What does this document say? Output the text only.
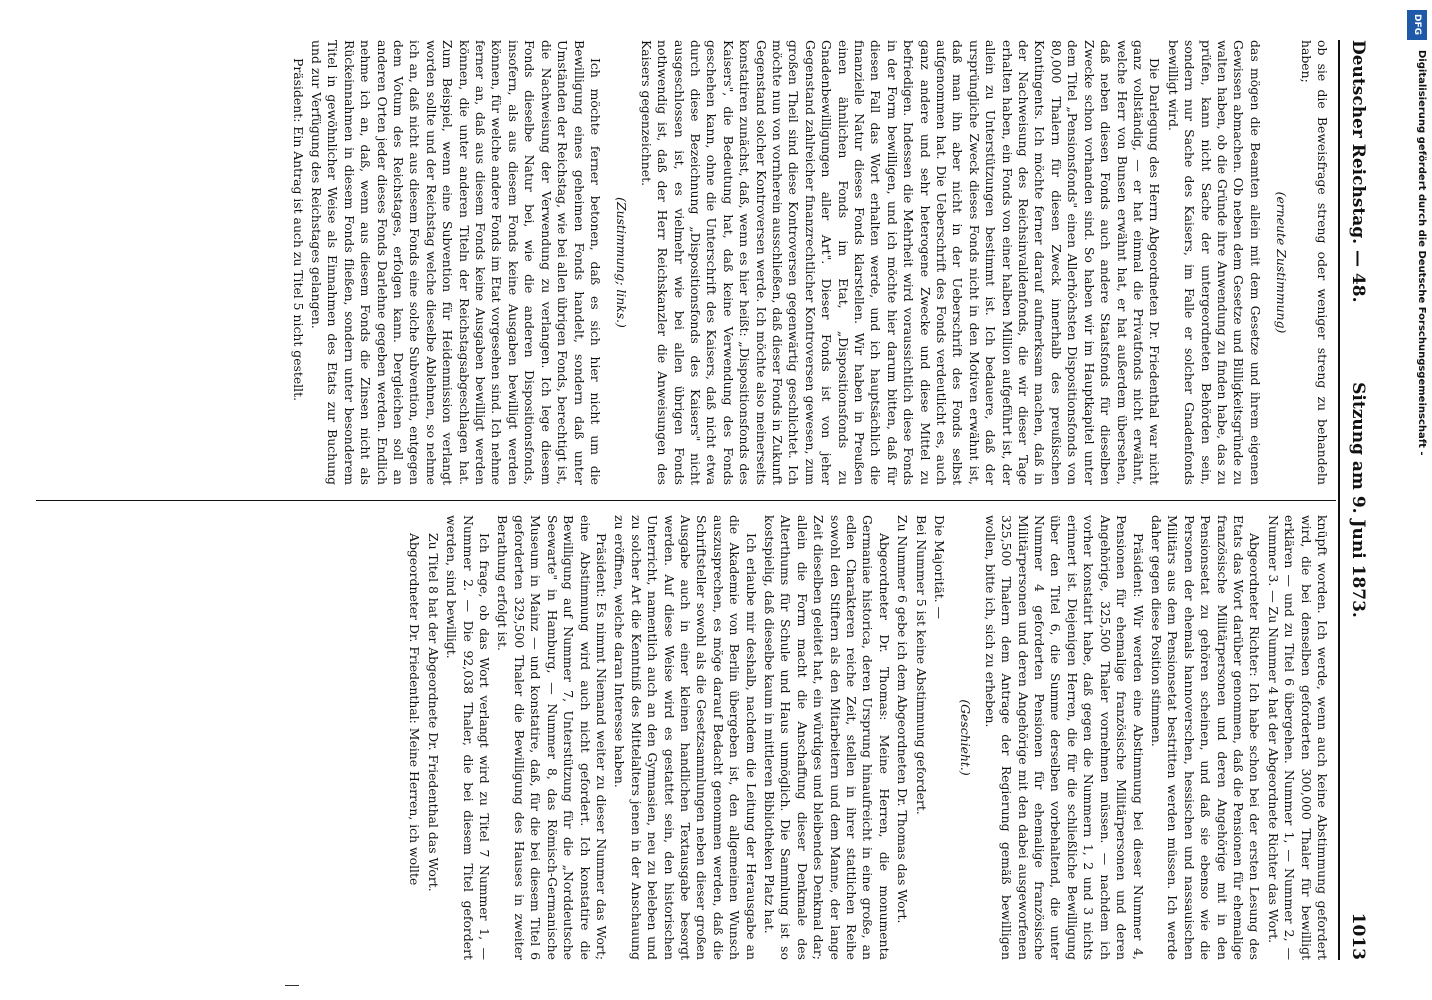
Deutscher Reichstag. — 48.
Sitzung am 9. Juni 1873.
1013

ob sie die Beweisfrage streng oder weniger streng zu behandeln haben;

(erneute Zustimmung)

das mögen die Beamten allein mit dem Gesetze und ihrem eigenen Gewissen abmachen. Ob neben dem Gesetze und Billigkeitsgründe zu walten haben, ob die Gründe ihre Anwendung zu finden habe, das zu prüfen, kann nicht Sache der untergeordneten Behörden sein, sondern nur Sache des Kaisers, im Falle er solcher Gnadenfonds bewilligt wird.

Die Darlegung des Herrn Abgeordneten Dr. Friedenthal war nicht ganz vollständig, — er hat einmal die Privatfonds nicht erwähnt, welche Herr von Bunsen erwähnt hat, er hat außerdem übersehen, daß neben diesen Fonds auch andere Staatsfonds für dieselben Zwecke schon vorhanden sind. So haben wir im Hauptkapitel unter dem Titel „Pensionsfonds" einen Allerhöchsten Dispositionsfonds von 80,000 Thalern für diesen Zweck innerhalb des preußischen Kontingents. Ich möchte ferner darauf aufmerksam machen, daß in der Nachweisung des Reichsinvalidenfonds, die wir dieser Tage erhalten haben, ein Fonds von einer halben Million aufgeführt ist, der allein zu Unterstützungen bestimmt ist. Ich bedauere, daß der ursprüngliche Zweck dieses Fonds nicht in den Motiven erwähnt ist, daß man ihn aber nicht in der Ueberschrift des Fonds selbst aufgenommen hat. Die Ueberschrift des Fonds verdeutlicht es, auch ganz andere und sehr heterogene Zwecke und diese Mittel zu befriedigen. Indessen die Mehrheit wird voraussichtlich diese Fonds in der Form bewilligen, und ich möchte hier darum bitten, daß für diesen Fall das Wort erhalten werde, und ich hauptsächlich die finanzielle Natur dieses Fonds klarstellen. Wir haben in Preußen einen ähnlichen Fonds im Etat, „Dispositionsfonds zu Gnadenbewilligungen aller Art". Dieser Fonds ist von jeher Gegenstand zahlreicher finanzrechtlicher Kontroversen gewesen, zum großen Theil sind diese Kontroversen gegenwärtig geschlichtet. Ich möchte nun von vornherein ausschließen, daß dieser Fonds in Zukunft Gegenstand solcher Kontroversen werde. Ich möchte also meinerseits konstatiren zunächst, daß, wenn es hier heißt: „Dispositionsfonds des Kaisers", die Bedeutung hat, daß keine Verwendung des Fonds geschehen kann, ohne die Unterschrift des Kaisers, daß nicht etwa durch diese Bezeichnung „Dispositionsfonds des Kaisers" nicht ausgeschlossen ist, es vielmehr wie bei allen übrigen Fonds nothwendig ist, daß der Herr Reichskanzler die Anweisungen des Kaisers gegenzeichnet.

(Zustimmung; links.)

Ich möchte ferner betonen, daß es sich hier nicht um die Bewilligung eines geheimen Fonds handelt, sondern daß unter Umständen der Reichstag, wie bei allen übrigen Fonds, berechtigt ist, die Nachweisung der Verwendung zu verlangen. Ich lege diesem Fonds dieselbe Natur bei, wie die anderen Dispositionsfonds, insofern, als aus diesem Fonds keine Ausgaben bewilligt werden können, für welche andere Fonds im Etat vorgesehen sind. Ich nehme ferner an, daß aus diesem Fonds keine Ausgaben bewilligt werden können, die unter anderen Titeln der Reichstagsabgeschlagen hat. Zum Beispiel, wenn eine Subvention für Heidenmission verlangt worden sollte und der Reichstag welche dieselbe Ablehnen, so nehme ich an, daß nicht aus diesem Fonds eine solche Subvention, entgegen dem Votum des Reichstages, erfolgen kann. Dergleichen soll an anderen Orten jeder dieses Fonds Darlehne gegeben werden. Endlich nehme ich an, daß, wenn aus diesem Fonds die Zinsen nicht als Rückeinnahmen in diesem Fonds fließen, sondern unter besonderem Titel in gewöhnlicher Weise als Einnahmen des Etats zur Buchung und zur Verfügung des Reichstages gelangen.

Präsident: Ein Antrag ist auch zu Titel 5 nicht gestellt.

knüpft worden. Ich werde, wenn auch keine Abstimmung gefordert wird, die bei denselben geforderten 300,000 Thaler für bewilligt erklären — und zu Titel 6 übergehen. Nummer 1, — Nummer 2, — Nummer 3. — Zu Nummer 4 hat der Abgeordnete Richter das Wort.

Abgeordneter Richter: Ich habe schon bei der ersten Lesung des Etats das Wort darüber genommen, daß die Pensionen für ehemalige französische Militärpersonen und deren Angehörige mit in den Pensionsetat zu gehören scheinen, und daß sie ebenso wie die Personen der ehemals hannoverschen, hessischen und nassauischen Militärs aus dem Pensionsetat bestritten werden müssen. Ich werde daher gegen diese Position stimmen.

Präsident: Wir werden eine Abstimmung bei dieser Nummer 4, Pensionen für ehemalige französische Militärpersonen und deren Angehörige, 325,500 Thaler vornehmen müssen. — nachdem ich vorher konstatirt habe, daß gegen die Nummern 1, 2 und 3 nichts erinnert ist. Diejenigen Herren, die für die schließliche Bewilligung über den Titel 6, die Summe derselben vorbehaltend, die unter Nummer 4 geforderten Pensionen für ehemalige französische Militärpersonen und deren Angehörige mit den dabei ausgeworfenen 325,500 Thalern dem Antrage der Regierung gemäß bewilligen wollen, bitte ich, sich zu erheben.

(Geschieht.)

Die Majorität. —

Bei Nummer 5 ist keine Abstimmung gefordert.

Zu Nummer 6 gebe ich dem Abgeordneten Dr. Thomas das Wort.

Abgeordneter Dr. Thomas: Meine Herren, die monumenta Germaniae historica, deren Ursprung hinaufreicht in eine große, an edlen Charakteren reiche Zeit, stellen in ihrer stattlichen Reihe sowohl den Stiftern als den Mitarbeitern und dem Manne, der lange Zeit dieselben geleitet hat, ein würdiges und bleibendes Denkmal dar; allein die Form macht die Anschaffung dieser Denkmale des Alterthums für Schule und Haus unmöglich. Die Sammlung ist so kostspielig, daß dieselbe kaum in mittleren Bibliotheken Platz hat.

Ich erlaube mir deshalb, nachdem die Leitung der Herausgabe an die Akademie von Berlin übergeben ist, den allgemeinen Wunsch auszusprechen, es möge darauf Bedacht genommen werden, daß die Schriftsteller sowohl als die Gesetzsammlungen neben dieser großen Ausgabe auch in einer kleinen handlichen Textausgabe besorgt werden. Auf diese Weise wird es gestattet sein, den historischen Unterricht, namentlich auch an den Gymnasien, neu zu beleben und zu solcher Art die Kenntniß des Mittelalters jenen in der Anschauung zu eröffnen, welche daran Interesse haben.

Präsident: Es nimmt Niemand weiter zu dieser Nummer das Wort; eine Abstimmung wird auch nicht gefordert. Ich konstatire die Bewilligung auf Nummer 7, Unterstützung für die „Norddeutsche Seewarte" in Hamburg, — Nummer 8, das Römisch-Germanische Museum in Mainz — und konstatire, daß, für die bei diesem Titel 6 geforderten 329,500 Thaler die Bewilligung des Hauses in zweiter Berathung erfolgt ist.

Ich frage, ob das Wort verlangt wird zu Titel 7 Nummer 1, — Nummer 2. — Die 92,038 Thaler, die bei diesem Titel gefordert werden, sind bewilligt.

Zu Titel 8 hat der Abgeordnete Dr. Friedenthal das Wort.

Abgeordneter Dr. Friedenthal: Meine Herren, ich wollte

DFG
Digitalisierung gefördert durch die Deutsche Forschungsgemeinschaft -
